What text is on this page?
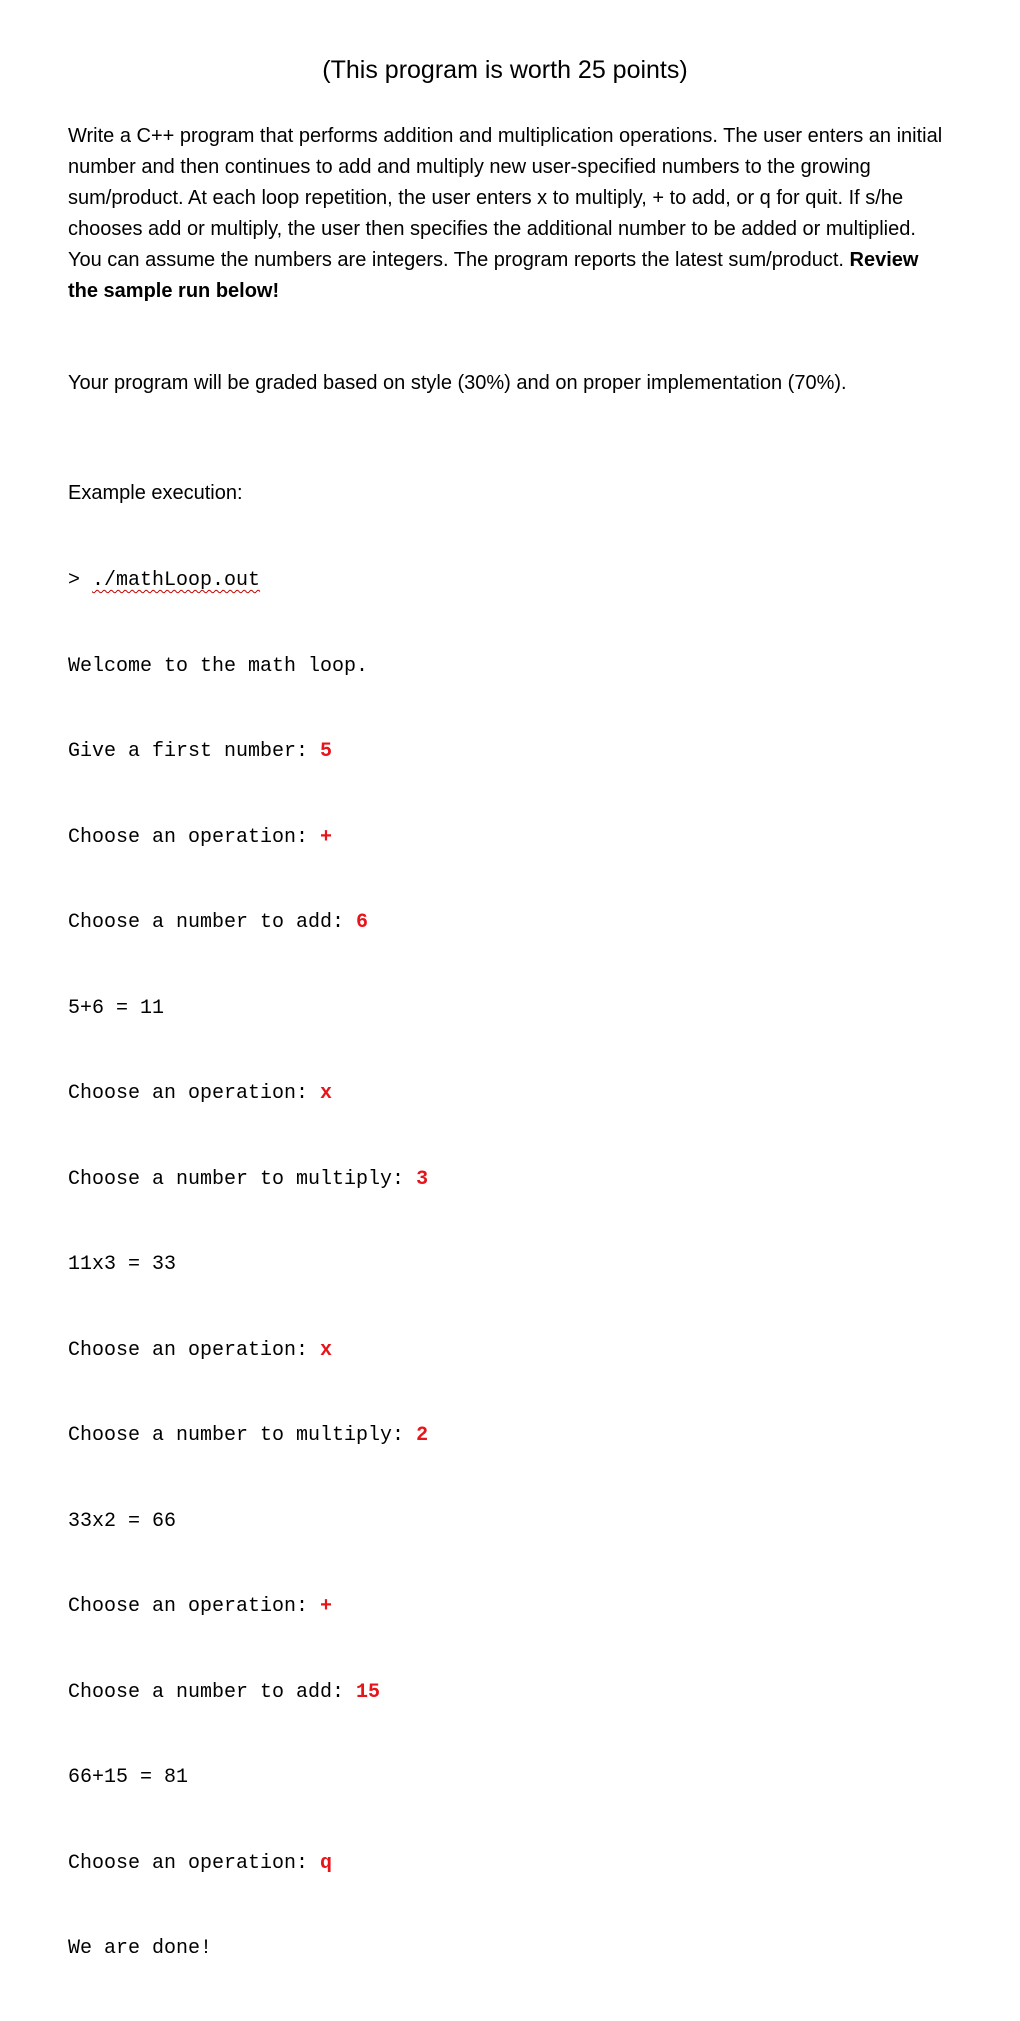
(This program is worth 25 points)

Write a C++ program that performs addition and multiplication operations. The user enters an initial number and then continues to add and multiply new user-specified numbers to the growing sum/product. At each loop repetition, the user enters x to multiply, + to add, or q for quit. If s/he chooses add or multiply, the user then specifies the additional number to be added or multiplied. You can assume the numbers are integers. The program reports the latest sum/product. Review the sample run below!

Your program will be graded based on style (30%) and on proper implementation (70%).

Example execution:

> ./mathLoop.out

Welcome to the math loop.

Give a first number: 5

Choose an operation: +

Choose a number to add: 6

5+6 = 11

Choose an operation: x

Choose a number to multiply: 3

11x3 = 33

Choose an operation: x

Choose a number to multiply: 2

33x2 = 66

Choose an operation: +

Choose a number to add: 15

66+15 = 81

Choose an operation: q

We are done!
